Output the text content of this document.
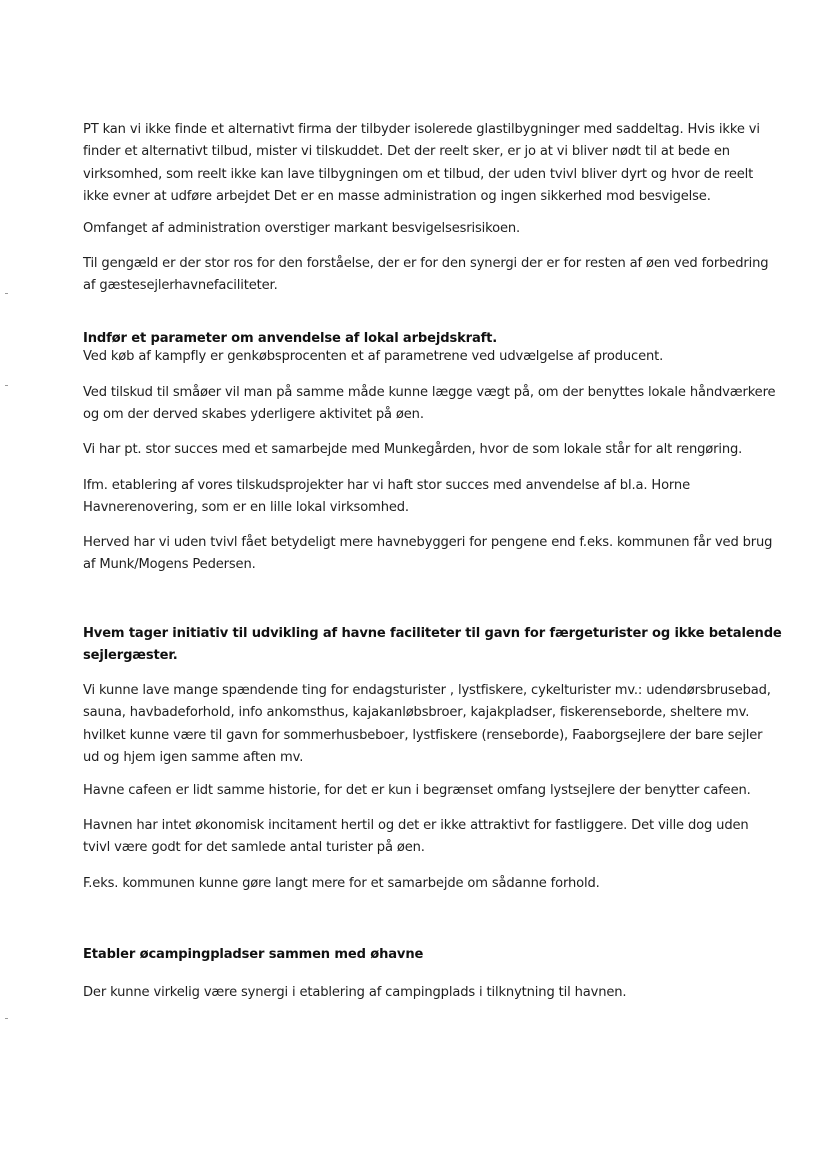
PT kan vi ikke finde et alternativt firma der tilbyder isolerede glastilbygninger med saddeltag. Hvis ikke vi
finder et alternativt tilbud, mister vi tilskuddet. Det der reelt sker, er jo at vi bliver nødt til at bede en
virksomhed, som reelt ikke kan lave tilbygningen om et tilbud, der uden tvivl bliver dyrt og hvor de reelt
ikke evner at udføre arbejdet Det er en masse administration og ingen sikkerhed mod besvigelse.

Omfanget af administration overstiger markant besvigelsesrisikoen.

Til gengæld er der stor ros for den forståelse, der er for den synergi der er for resten af øen ved forbedring
af gæstesejlerhavnefaciliteter.

Indfør et parameter om anvendelse af lokal arbejdskraft.
Ved køb af kampfly er genkøbsprocenten et af parametrene ved udvælgelse af producent.

Ved tilskud til småøer vil man på samme måde kunne lægge vægt på, om der benyttes lokale håndværkere
og om der derved skabes yderligere aktivitet på øen.

Vi har pt. stor succes med et samarbejde med Munkegården, hvor de som lokale står for alt rengøring.

Ifm. etablering af vores tilskudsprojekter har vi haft stor succes med anvendelse af bl.a. Horne
Havnerenovering, som er en lille lokal virksomhed.

Herved har vi uden tvivl fået betydeligt mere havnebyggeri for pengene end f.eks. kommunen får ved brug
af Munk/Mogens Pedersen.

Hvem tager initiativ til udvikling af havne faciliteter til gavn for færgeturister og ikke betalende
sejlergæster.

Vi kunne lave mange spændende ting for endagsturister , lystfiskere, cykelturister mv.: udendørsbrusebad,
sauna, havbadeforhold, info ankomsthus, kajakanløbsbroer, kajakpladser, fiskerenseborde, sheltere mv.
hvilket kunne være til gavn for sommerhusbeboer, lystfiskere (renseborde), Faaborgsejlere der bare sejler
ud og hjem igen samme aften mv.

Havne cafeen er lidt samme historie, for det er kun i begrænset omfang lystsejlere der benytter cafeen.

Havnen har intet økonomisk incitament hertil og det er ikke attraktivt for fastliggere. Det ville dog uden
tvivl være godt for det samlede antal turister på øen.

F.eks. kommunen kunne gøre langt mere for et samarbejde om sådanne forhold.

Etabler øcampingpladser sammen med øhavne

Der kunne virkelig være synergi i etablering af campingplads i tilknytning til havnen.
